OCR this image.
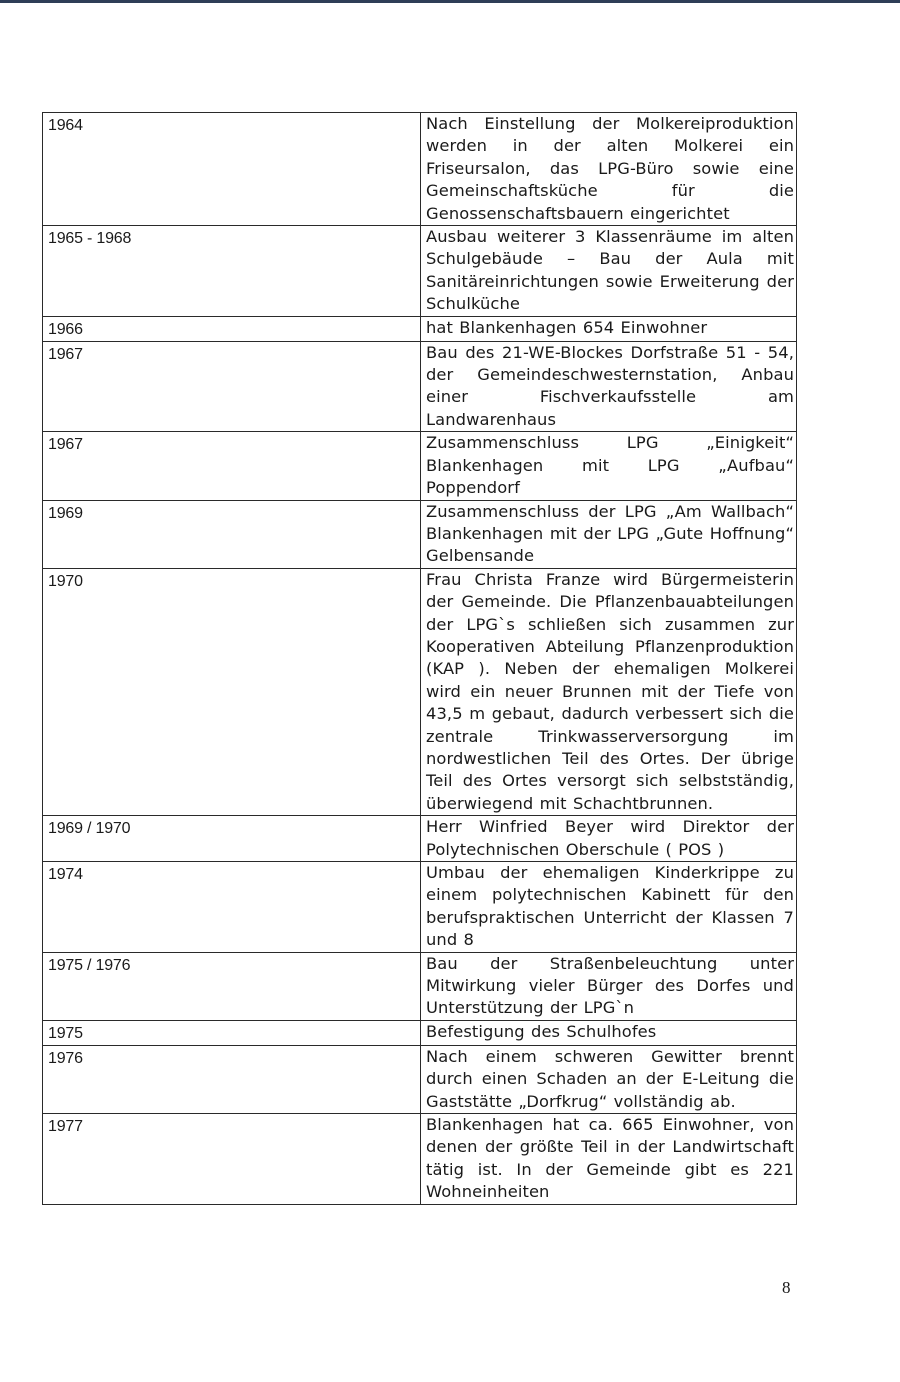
1964	Nach Einstellung der Molkereiproduktion werden in der alten Molkerei ein Friseursalon, das LPG-Büro sowie eine Gemeinschaftsküche für die Genossenschaftsbauern eingerichtet
1965 - 1968	Ausbau weiterer 3 Klassenräume im alten Schulgebäude – Bau der Aula mit Sanitäreinrichtungen sowie Erweiterung der Schulküche
1966	hat Blankenhagen 654 Einwohner
1967	Bau des 21-WE-Blockes Dorfstraße 51 - 54, der Gemeindeschwesternstation, Anbau einer Fischverkaufsstelle am Landwarenhaus
1967	Zusammenschluss LPG „Einigkeit“ Blankenhagen mit LPG „Aufbau“ Poppendorf
1969	Zusammenschluss der LPG „Am Wallbach“ Blankenhagen mit der LPG „Gute Hoffnung“ Gelbensande
1970	Frau Christa Franze wird Bürgermeisterin der Gemeinde. Die Pflanzenbauabteilungen der LPG`s schließen sich zusammen zur Kooperativen Abteilung Pflanzenproduktion (KAP ). Neben der ehemaligen Molkerei wird ein neuer Brunnen mit der Tiefe von 43,5 m gebaut, dadurch verbessert sich die zentrale Trinkwasserversorgung im nordwestlichen Teil des Ortes. Der übrige Teil des Ortes versorgt sich selbstständig, überwiegend mit Schachtbrunnen.
1969 / 1970	Herr Winfried Beyer wird Direktor der Polytechnischen Oberschule ( POS )
1974	Umbau der ehemaligen Kinderkrippe zu einem polytechnischen Kabinett für den berufspraktischen Unterricht der Klassen 7 und 8
1975 / 1976	Bau der Straßenbeleuchtung unter Mitwirkung vieler Bürger des Dorfes und Unterstützung der LPG`n
1975	Befestigung des Schulhofes
1976	Nach einem schweren Gewitter brennt durch einen Schaden an der E-Leitung die Gaststätte „Dorfkrug“ vollständig ab.
1977	Blankenhagen hat ca. 665 Einwohner, von denen der größte Teil in der Landwirtschaft tätig ist. In der Gemeinde gibt es 221 Wohneinheiten
8
